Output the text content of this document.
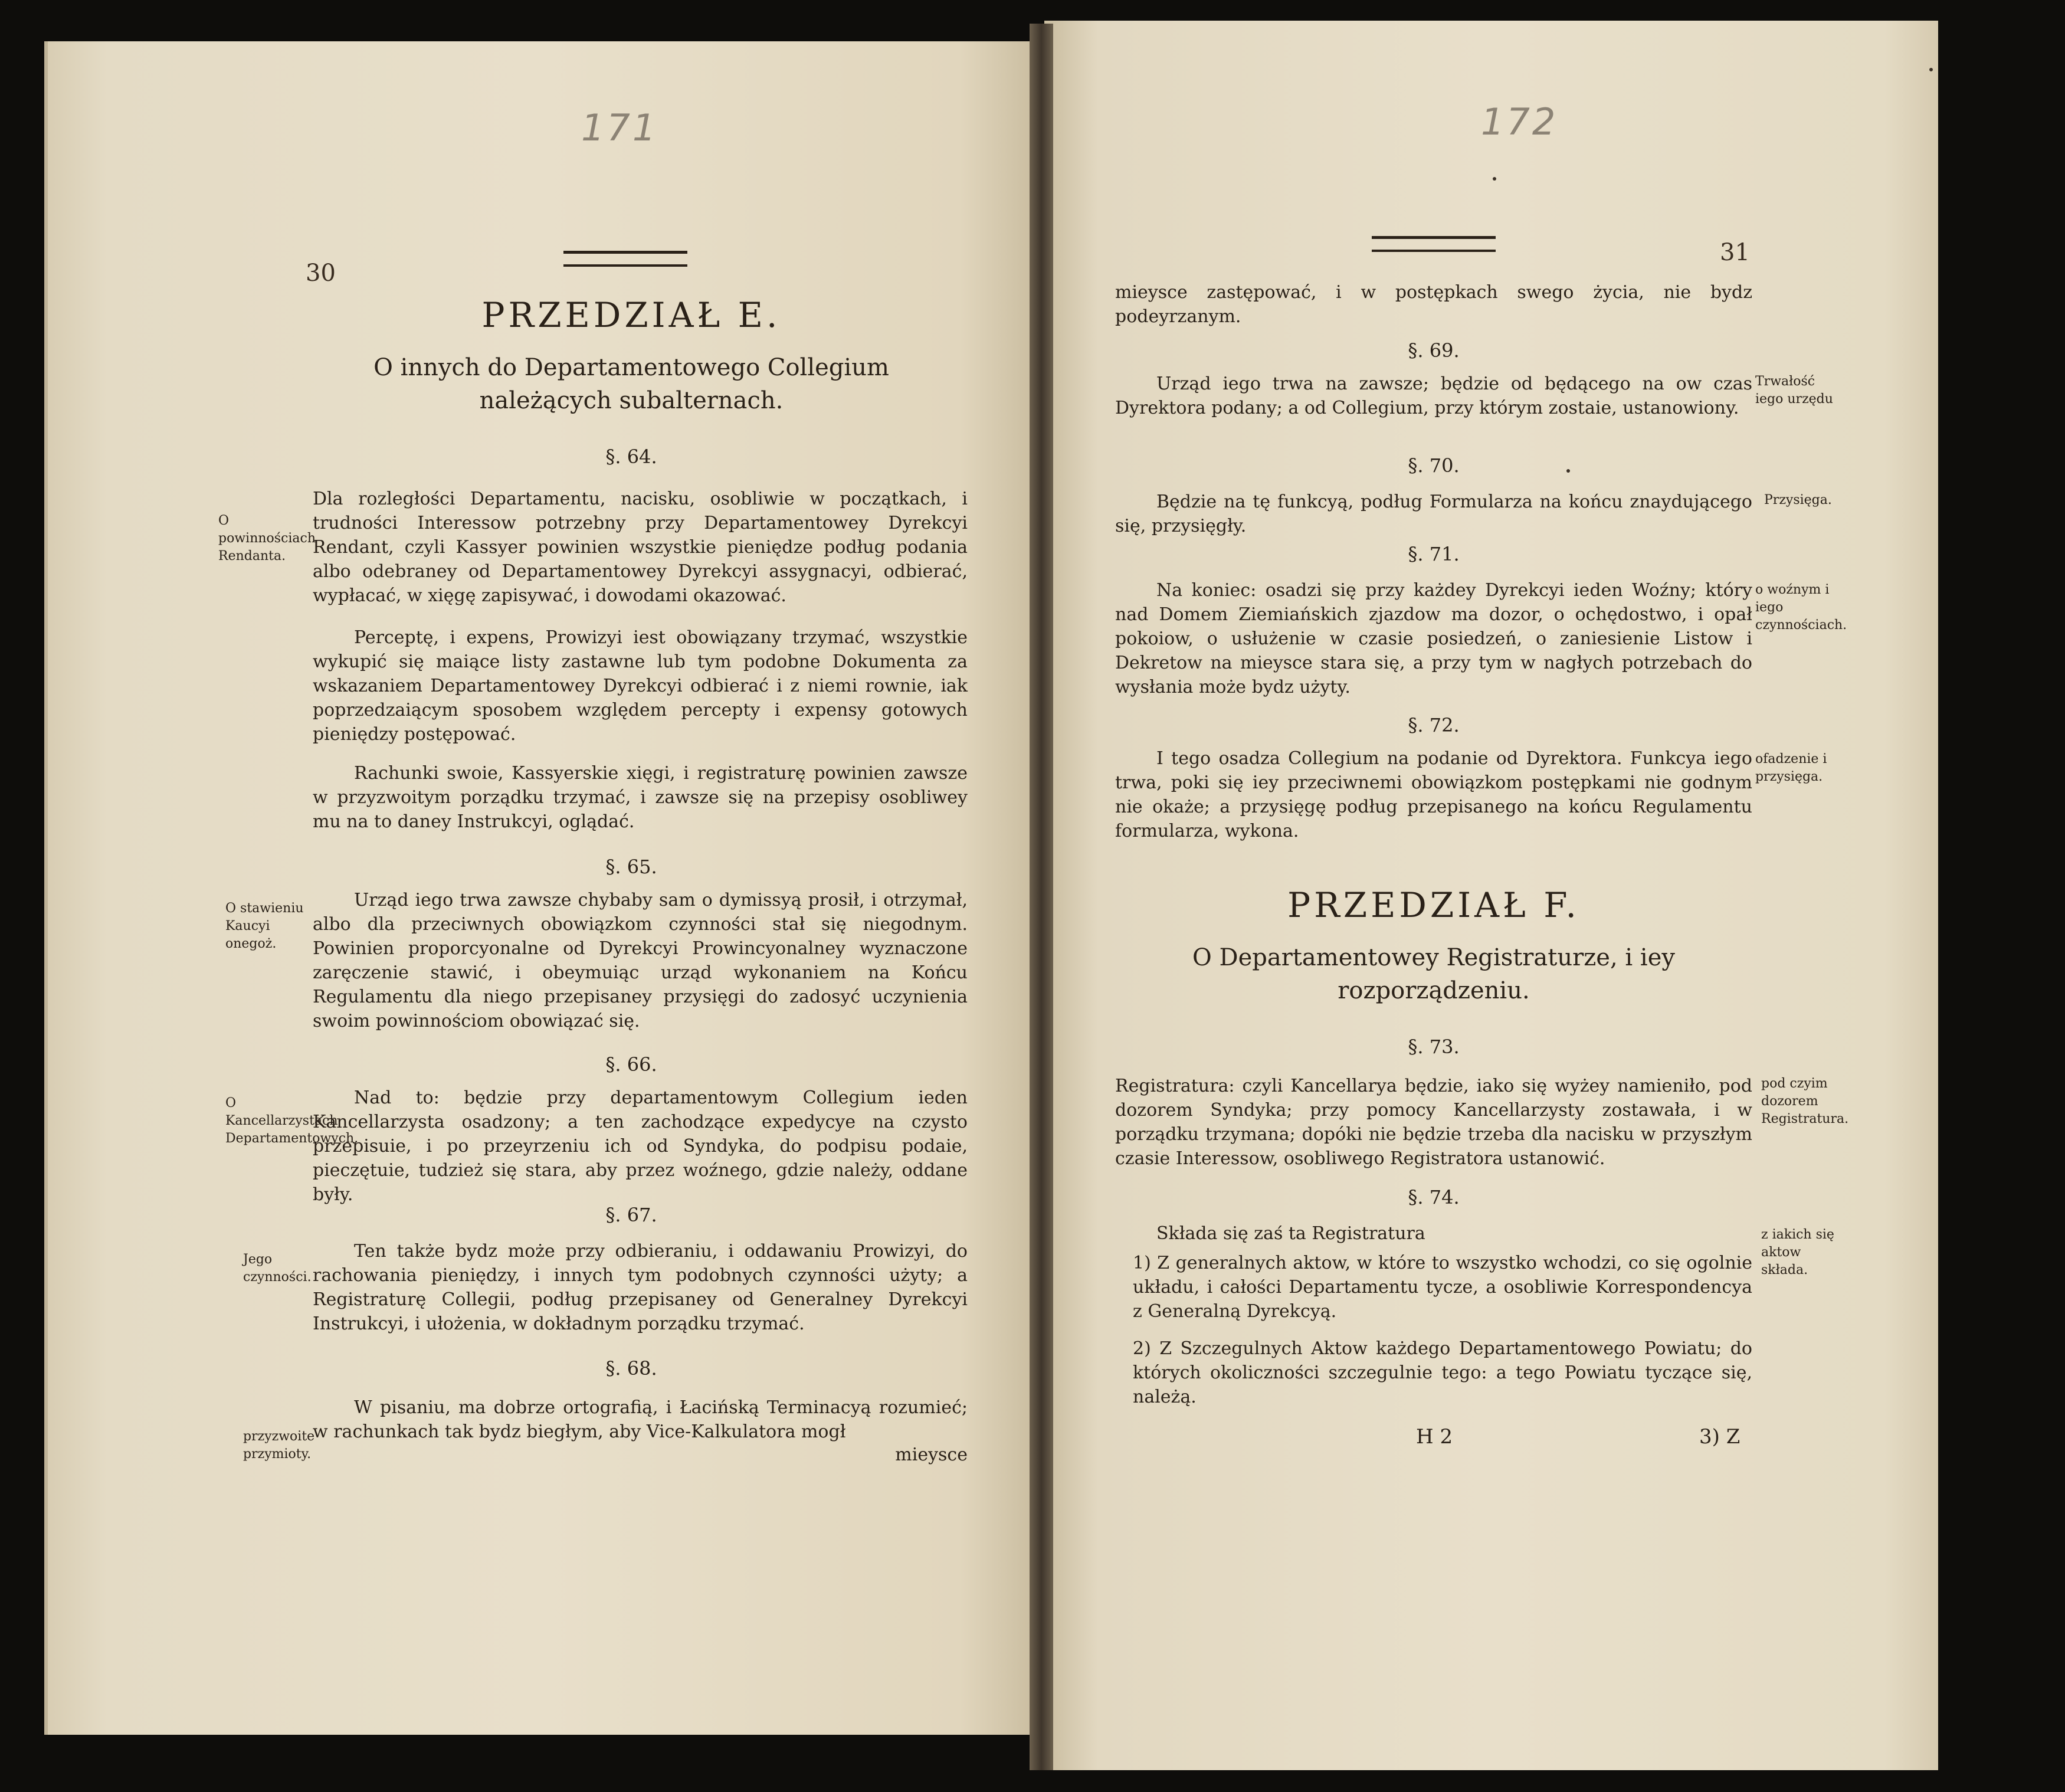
171
30
PRZEDZIAŁ E.
O innych do Departamentowego Collegium należących subalternach.
§. 64.
O powinnościach Rendanta.
Dla rozległości Departamentu, nacisku, osobliwie w początkach, i trudności Interessow potrzebny przy Departamentowey Dyrekcyi Rendant, czyli Kassyer powinien wszystkie pieniędze podług podania albo odebraney od Departamentowey Dyrekcyi assygnacyi, odbierać, wypłacać, w xięgę zapisywać, i dowodami okazować.
Perceptę, i expens, Prowizyi iest obowiązany trzymać, wszystkie wykupić się maiące listy zastawne lub tym podobne Dokumenta za wskazaniem Departamentowey Dyrekcyi odbierać i z niemi rownie, iak poprzedzaiącym sposobem względem percepty i expensy gotowych pieniędzy postępować.
Rachunki swoie, Kassyerskie xięgi, i registraturę powinien zawsze w przyzwoitym porządku trzymać, i zawsze się na przepisy osobliwey mu na to daney Instrukcyi, oglądać.
§. 65.
O stawieniu Kaucyi onegoż.
Urząd iego trwa zawsze chybaby sam o dymissyą prosił, i otrzymał, albo dla przeciwnych obowiązkom czynności stał się niegodnym. Powinien proporcyonalne od Dyrekcyi Prowincyonalney wyznaczone zaręczenie stawić, i obeymuiąc urząd wykonaniem na Końcu Regulamentu dla niego przepisaney przysięgi do zadosyć uczynienia swoim powinnościom obowiązać się.
§. 66.
O Kancellarzystach Departamentowych.
Nad to: będzie przy departamentowym Collegium ieden Kancellarzysta osadzony; a ten zachodzące expedycye na czysto przepisuie, i po przeyrzeniu ich od Syndyka, do podpisu podaie, pieczętuie, tudzież się stara, aby przez woźnego, gdzie należy, oddane były.
§. 67.
Jego czynności.
Ten także bydz może przy odbieraniu, i oddawaniu Prowizyi, do rachowania pieniędzy, i innych tym podobnych czynności użyty; a Registraturę Collegii, podług przepisaney od Generalney Dyrekcyi Instrukcyi, i ułożenia, w dokładnym porządku trzymać.
§. 68.
przyzwoite przymioty.
W pisaniu, ma dobrze ortografią, i Łacińską Terminacyą rozumieć; w rachunkach tak bydz biegłym, aby Vice-Kalkulatora mogł
mieysce
172
31
mieysce zastępować, i w postępkach swego życia, nie bydz podeyrzanym.
§. 69.
Urząd iego trwa na zawsze; będzie od będącego na ow czas Dyrektora podany; a od Collegium, przy którym zostaie, ustanowiony.
Trwałość iego urzędu
§. 70.
Będzie na tę funkcyą, podług Formularza na końcu znaydującego się, przysięgły.
Przysięga.
§. 71.
Na koniec: osadzi się przy każdey Dyrekcyi ieden Woźny; który nad Domem Ziemiańskich zjazdow ma dozor, o ochędostwo, i opał pokoiow, o usłużenie w czasie posiedzeń, o zaniesienie Listow i Dekretow na mieysce stara się, a przy tym w nagłych potrzebach do wysłania może bydz użyty.
o woźnym i iego czynnościach.
§. 72.
I tego osadza Collegium na podanie od Dyrektora. Funkcya iego trwa, poki się iey przeciwnemi obowiązkom postępkami nie godnym nie okaże; a przysięgę podług przepisanego na końcu Regulamentu formularza, wykona.
ofadzenie i przysięga.
PRZEDZIAŁ F.
O Departamentowey Registraturze, i iey rozporządzeniu.
§. 73.
Registratura: czyli Kancellarya będzie, iako się wyżey namieniło, pod dozorem Syndyka; przy pomocy Kancellarzysty zostawała, i w porządku trzymana; dopóki nie będzie trzeba dla nacisku w przyszłym czasie Interessow, osobliwego Registratora ustanowić.
pod czyim dozorem Registratura.
§. 74.
Składa się zaś ta Registratura	z iakich się aktow składa.
1) Z generalnych aktow, w które to wszystko wchodzi, co się ogolnie układu, i całości Departamentu tycze, a osobliwie Korrespondencya z Generalną Dyrekcyą.
2) Z Szczegulnych Aktow każdego Departamentowego Powiatu; do których okoliczności szczegulnie tego: a tego Powiatu tyczące się, należą.
H 2	3) Z
